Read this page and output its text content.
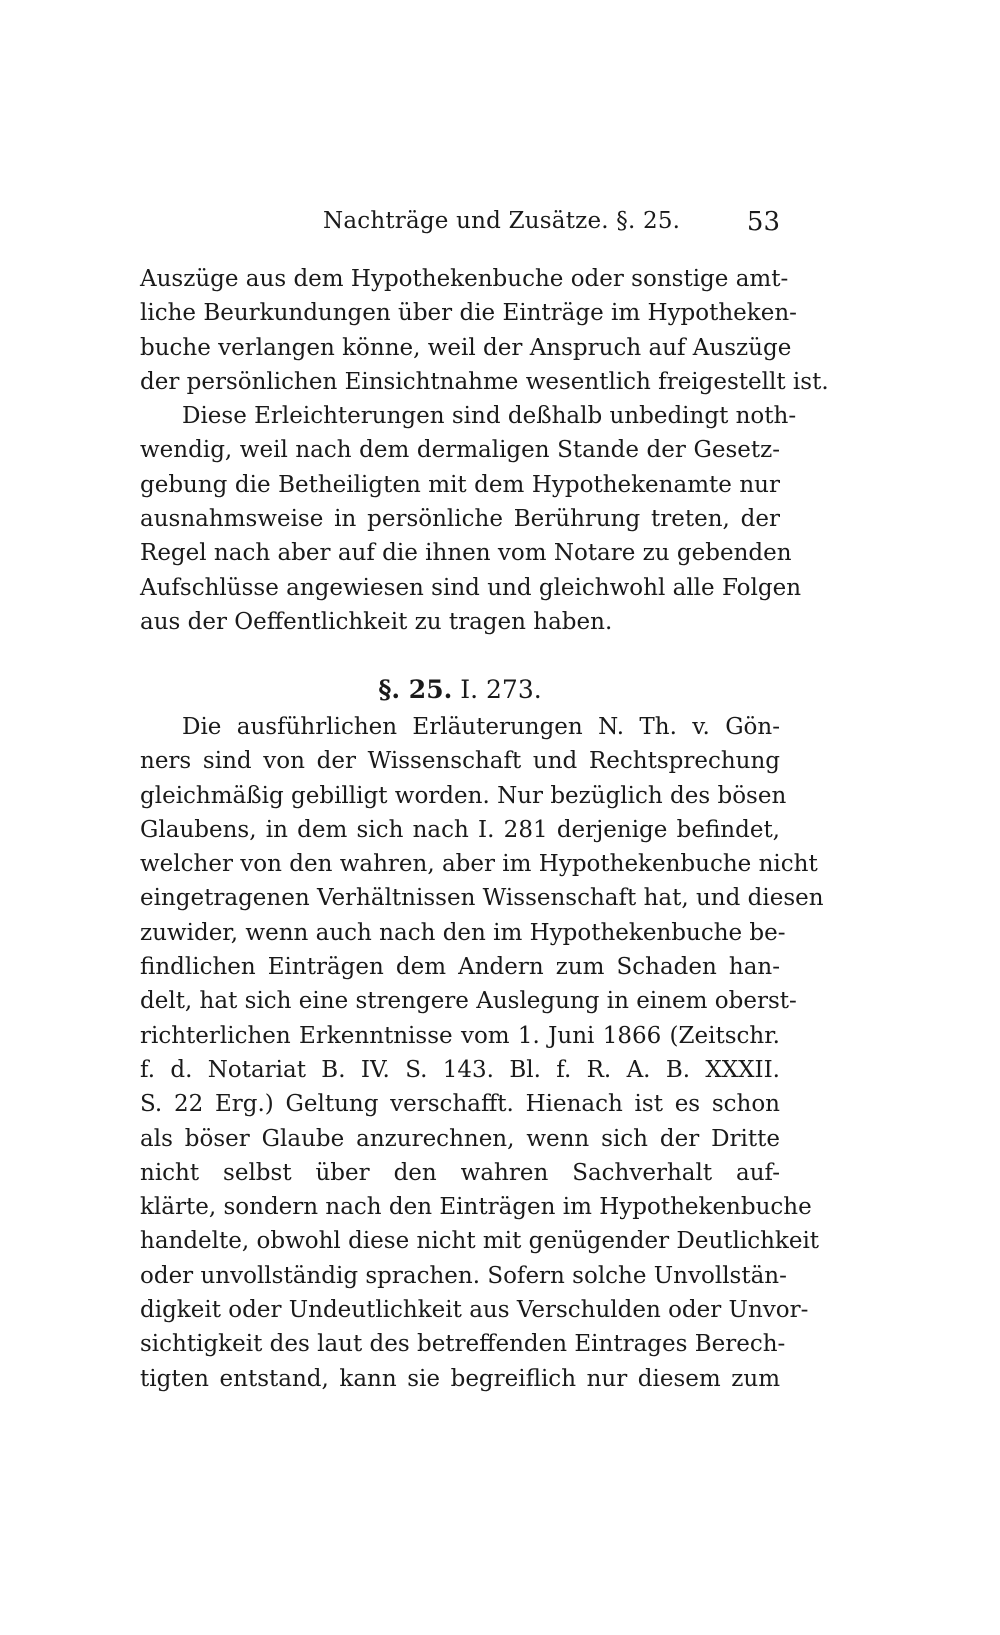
Nachträge und Zusätze. §. 25.	53
Auszüge aus dem Hypothekenbuche oder sonstige amt-
liche Beurkundungen über die Einträge im Hypotheken-
buche verlangen könne, weil der Anspruch auf Auszüge
der persönlichen Einsichtnahme wesentlich freigestellt ist.
Diese Erleichterungen sind deßhalb unbedingt noth-
wendig, weil nach dem dermaligen Stande der Gesetz-
gebung die Betheiligten mit dem Hypothekenamte nur
ausnahmsweise in persönliche Berührung treten, der
Regel nach aber auf die ihnen vom Notare zu gebenden
Aufschlüsse angewiesen sind und gleichwohl alle Folgen
aus der Oeffentlichkeit zu tragen haben.
§. 25. I. 273.
Die ausführlichen Erläuterungen N. Th. v. Gön-
ners sind von der Wissenschaft und Rechtsprechung
gleichmäßig gebilligt worden. Nur bezüglich des bösen
Glaubens, in dem sich nach I. 281 derjenige befindet,
welcher von den wahren, aber im Hypothekenbuche nicht
eingetragenen Verhältnissen Wissenschaft hat, und diesen
zuwider, wenn auch nach den im Hypothekenbuche be-
findlichen Einträgen dem Andern zum Schaden han-
delt, hat sich eine strengere Auslegung in einem oberst-
richterlichen Erkenntnisse vom 1. Juni 1866 (Zeitschr.
f. d. Notariat B. IV. S. 143. Bl. f. R. A. B. XXXII.
S. 22 Erg.) Geltung verschafft. Hienach ist es schon
als böser Glaube anzurechnen, wenn sich der Dritte
nicht selbst über den wahren Sachverhalt auf-
klärte, sondern nach den Einträgen im Hypothekenbuche
handelte, obwohl diese nicht mit genügender Deutlichkeit
oder unvollständig sprachen. Sofern solche Unvollstän-
digkeit oder Undeutlichkeit aus Verschulden oder Unvor-
sichtigkeit des laut des betreffenden Eintrages Berech-
tigten entstand, kann sie begreiflich nur diesem zum
